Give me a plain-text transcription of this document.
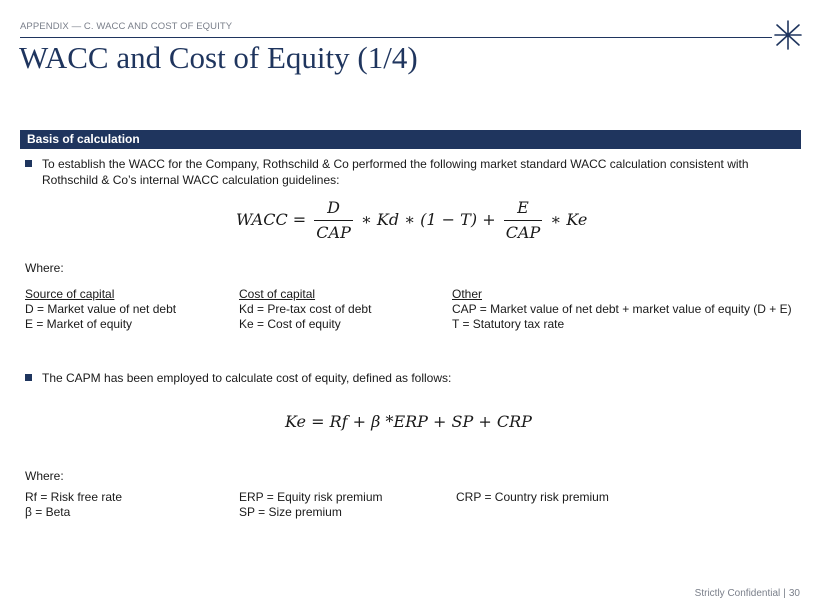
APPENDIX — C. WACC AND COST OF EQUITY
WACC and Cost of Equity (1/4)
Basis of calculation
To establish the WACC for the Company, Rothschild & Co performed the following market standard WACC calculation consistent with Rothschild & Co’s internal WACC calculation guidelines:
WACC = $\frac{D}{\text{CAP}}$ ∗ Kd ∗ $(1 - T) + \frac{E}{\text{CAP}}$ ∗ Ke
Where:
Source of capital
D = Market value of net debt
E = Market of equity
Cost of capital
Kd = Pre-tax cost of debt
Ke = Cost of equity
Other
CAP = Market value of net debt + market value of equity (D + E)
T = Statutory tax rate
The CAPM has been employed to calculate cost of equity, defined as follows:
Ke = Rf + β *ERP + SP + CRP
Where:
Rf = Risk free rate
β = Beta
ERP = Equity risk premium
SP = Size premium
CRP = Country risk premium
Strictly Confidential | 30
